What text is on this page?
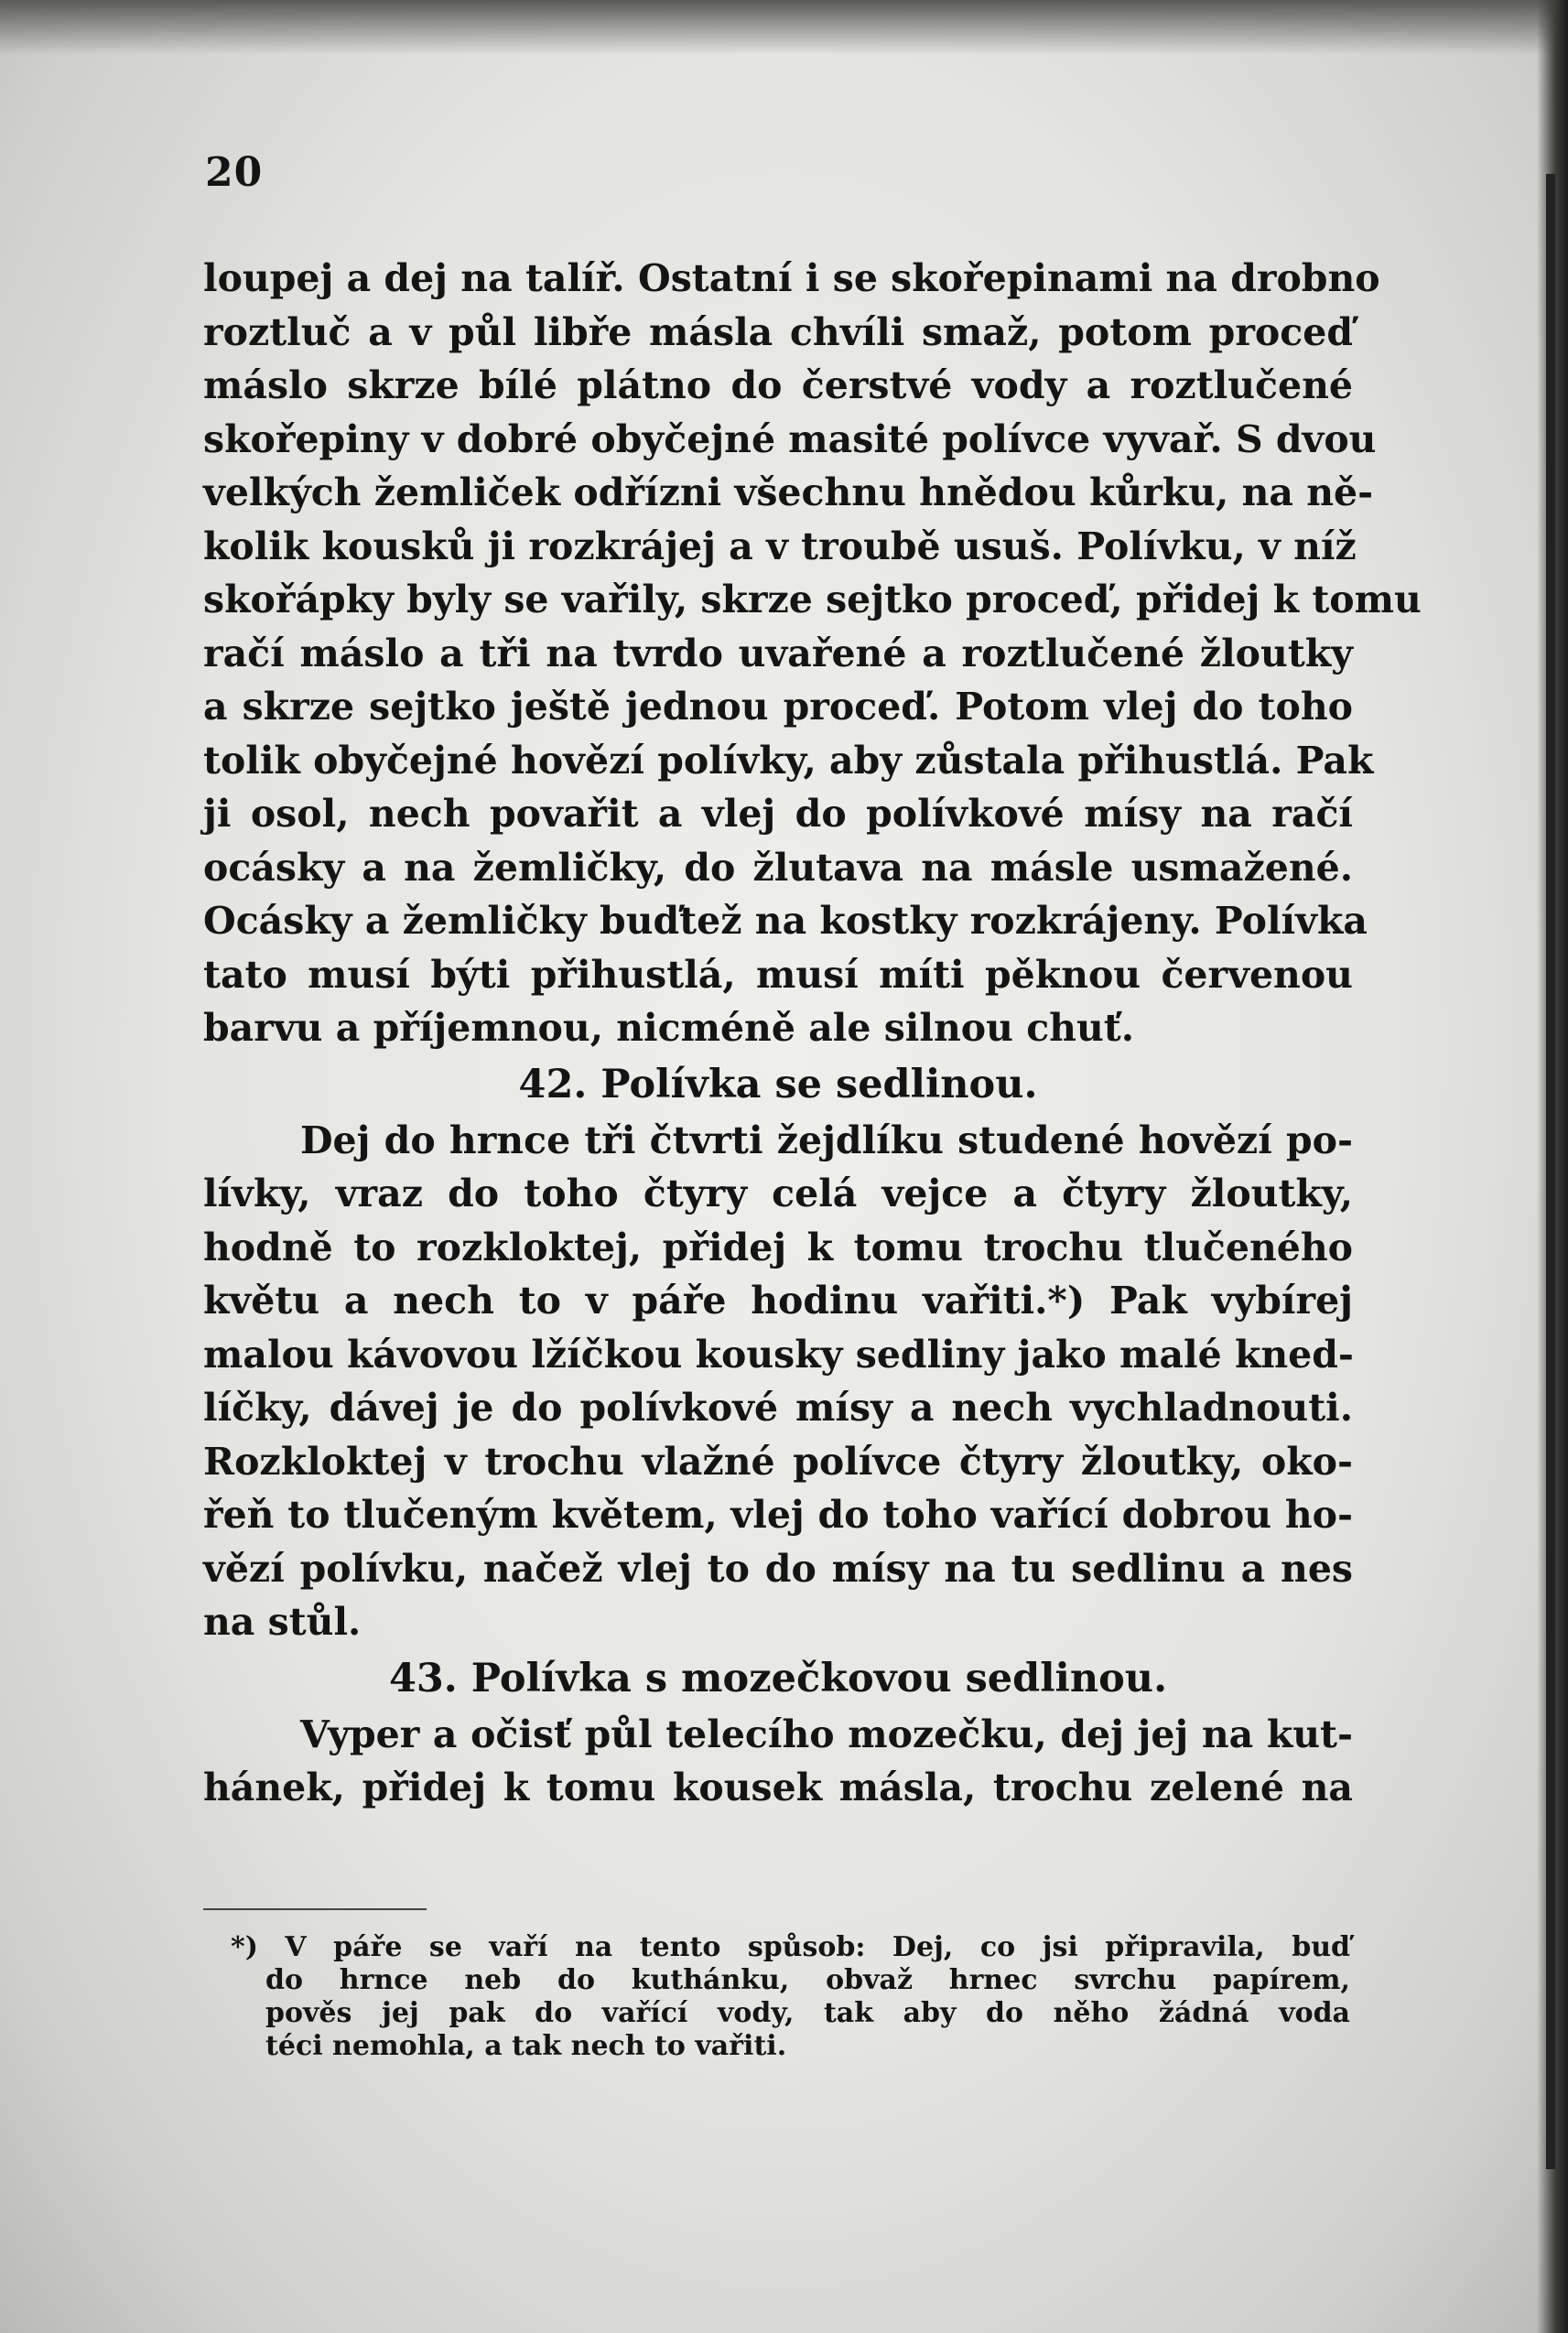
20
loupej a dej na talíř. Ostatní i se skořepinami na drobno
roztluč a v půl libře másla chvíli smaž, potom proceď
máslo skrze bílé plátno do čerstvé vody a roztlučené
skořepiny v dobré obyčejné masité polívce vyvař. S dvou
velkých žemliček odřízni všechnu hnědou kůrku, na ně-
kolik kousků ji rozkrájej a v troubě usuš. Polívku, v níž
skořápky byly se vařily, skrze sejtko proceď, přidej k tomu
račí máslo a tři na tvrdo uvařené a roztlučené žloutky
a skrze sejtko ještě jednou proceď. Potom vlej do toho
tolik obyčejné hovězí polívky, aby zůstala přihustlá. Pak
ji osol, nech povařit a vlej do polívkové mísy na račí
ocásky a na žemličky, do žlutava na másle usmažené.
Ocásky a žemličky buďtež na kostky rozkrájeny. Polívka
tato musí býti přihustlá, musí míti pěknou červenou
barvu a příjemnou, nicméně ale silnou chuť.
42. Polívka se sedlinou.
Dej do hrnce tři čtvrti žejdlíku studené hovězí po-
lívky, vraz do toho čtyry celá vejce a čtyry žloutky,
hodně to rozkloktej, přidej k tomu trochu tlučeného
květu a nech to v páře hodinu vařiti.*) Pak vybírej
malou kávovou lžíčkou kousky sedliny jako malé kned-
líčky, dávej je do polívkové mísy a nech vychladnouti.
Rozkloktej v trochu vlažné polívce čtyry žloutky, oko-
řeň to tlučeným květem, vlej do toho vařící dobrou ho-
vězí polívku, načež vlej to do mísy na tu sedlinu a nes
na stůl.
43. Polívka s mozečkovou sedlinou.
Vyper a očisť půl telecího mozečku, dej jej na kut-
hánek, přidej k tomu kousek másla, trochu zelené na
*) V páře se vaří na tento spůsob: Dej, co jsi připravila, buď
do hrnce neb do kuthánku, obvaž hrnec svrchu papírem,
pověs jej pak do vařící vody, tak aby do něho žádná voda
téci nemohla, a tak nech to vařiti.
